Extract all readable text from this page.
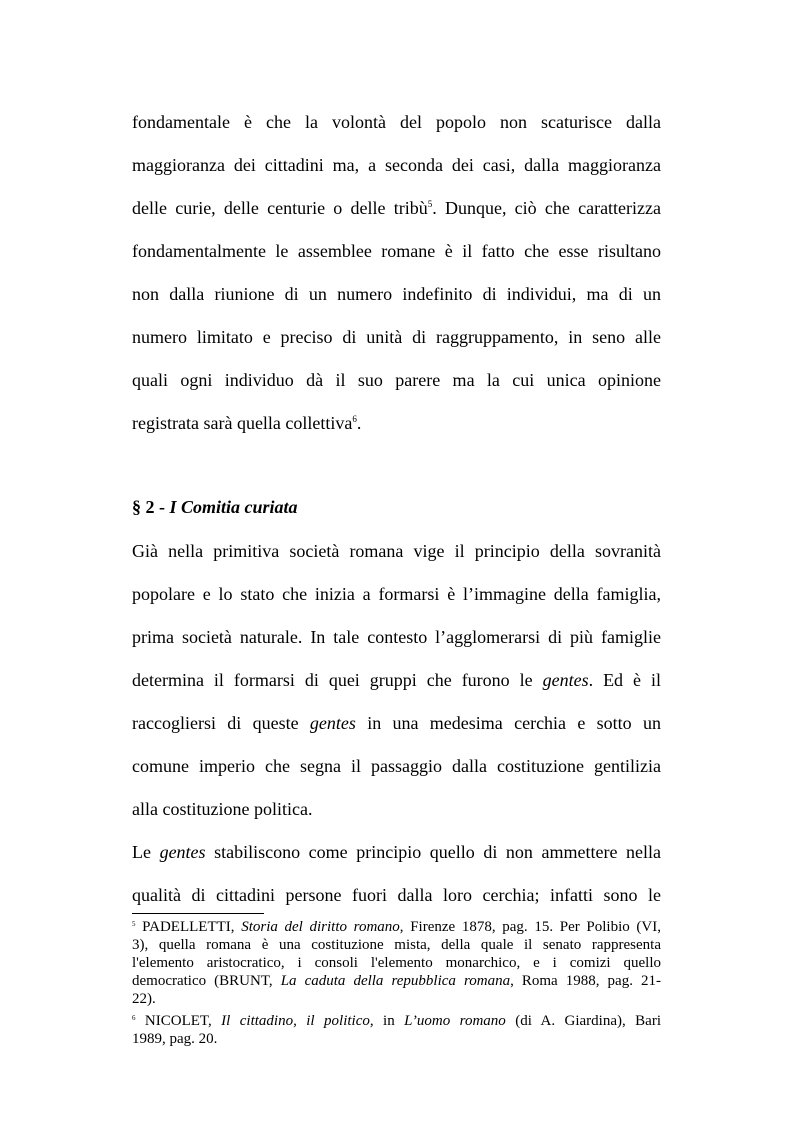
fondamentale è che la volontà del popolo non scaturisce dalla
maggioranza dei cittadini ma, a seconda dei casi, dalla maggioranza
delle curie, delle centurie o delle tribù$^5$. Dunque, ciò che caratterizza
fondamentalmente le assemblee romane è il fatto che esse risultano
non dalla riunione di un numero indefinito di individui, ma di un
numero limitato e preciso di unità di raggruppamento, in seno alle
quali ogni individuo dà il suo parere ma la cui unica opinione
registrata sarà quella collettiva$^6$.
§ 2 - I Comitia curiata
Già nella primitiva società romana vige il principio della sovranità
popolare e lo stato che inizia a formarsi è l’immagine della famiglia,
prima società naturale. In tale contesto l’agglomerarsi di più famiglie
determina il formarsi di quei gruppi che furono le gentes. Ed è il
raccogliersi di queste gentes in una medesima cerchia e sotto un
comune imperio che segna il passaggio dalla costituzione gentilizia
alla costituzione politica.
Le gentes stabiliscono come principio quello di non ammettere nella
qualità di cittadini persone fuori dalla loro cerchia; infatti sono le
$^5$ PADELLETTI, Storia del diritto romano, Firenze 1878, pag. 15. Per Polibio (VI,
3), quella romana è una costituzione mista, della quale il senato rappresenta
l'elemento aristocratico, i consoli l'elemento monarchico, e i comizi quello
democratico (BRUNT, La caduta della repubblica romana, Roma 1988, pag. 21-
22).
$^6$ NICOLET, Il cittadino, il politico, in L’uomo romano (di A. Giardina), Bari
1989, pag. 20.
